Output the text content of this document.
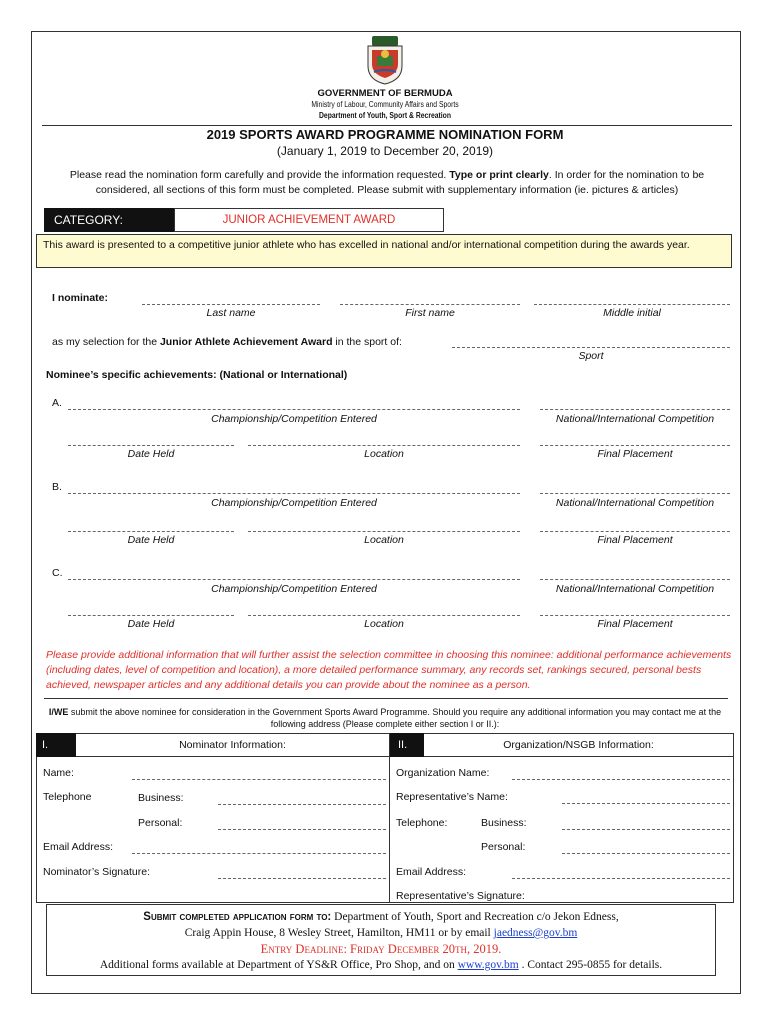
GOVERNMENT OF BERMUDA
Ministry of Labour, Community Affairs and Sports
Department of Youth, Sport & Recreation
2019 SPORTS AWARD PROGRAMME NOMINATION FORM
(January 1, 2019 to December 20, 2019)
Please read the nomination form carefully and provide the information requested. Type or print clearly. In order for the nomination to be considered, all sections of this form must be completed. Please submit with supplementary information (ie. pictures & articles)
CATEGORY:	JUNIOR ACHIEVEMENT AWARD
This award is presented to a competitive junior athlete who has excelled in national and/or international competition during the awards year.
I nominate:
Last name	First name	Middle initial
as my selection for the Junior Athlete Achievement Award in the sport of:
Sport
Nominee’s specific achievements: (National or International)
A.
Championship/Competition Entered	National/International Competition
Date Held	Location	Final Placement
B.
Championship/Competition Entered	National/International Competition
Date Held	Location	Final Placement
C.
Championship/Competition Entered	National/International Competition
Date Held	Location	Final Placement
Please provide additional information that will further assist the selection committee in choosing this nominee: additional performance achievements (including dates, level of competition and location), a more detailed performance summary, any records set, rankings secured, personal bests achieved, newspaper articles and any additional details you can provide about the nominee as a person.
I/WE submit the above nominee for consideration in the Government Sports Award Programme. Should you require any additional information you may contact me at the following address (Please complete either section I or II.):
I.	Nominator Information:	II.	Organization/NSGB Information:
Name:
Telephone	Business:
Personal:
Email Address:
Nominator’s Signature:
Organization Name:
Representative’s Name:
Telephone:	Business:
Personal:
Email Address:
Representative’s Signature:
Submit completed application form to: Department of Youth, Sport and Recreation c/o Jekon Edness,
Craig Appin House, 8 Wesley Street, Hamilton, HM11 or by email jaedness@gov.bm
Entry Deadline: Friday December 20th, 2019.
Additional forms available at Department of YS&R Office, Pro Shop, and on www.gov.bm . Contact 295-0855 for details.
